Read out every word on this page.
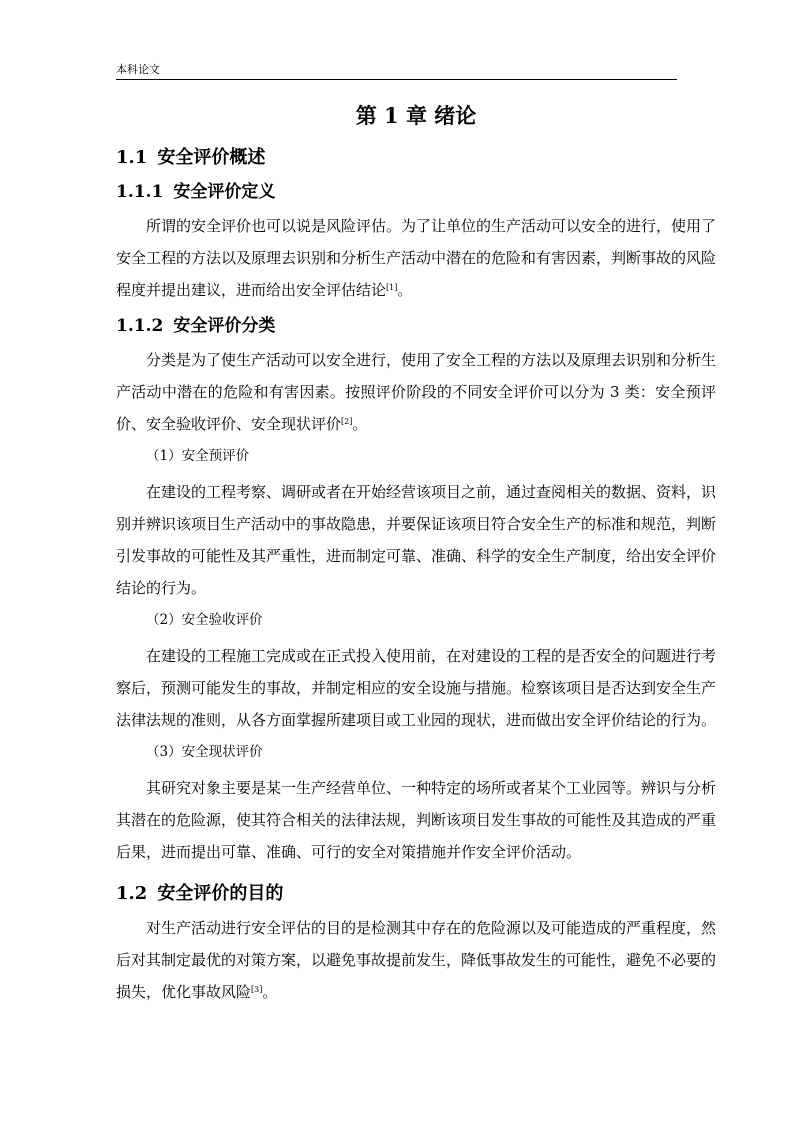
本科论文
第 1 章 绪论
1.1 安全评价概述
1.1.1 安全评价定义

所谓的安全评价也可以说是风险评估。为了让单位的生产活动可以安全的进行，使用了安全工程的方法以及原理去识别和分析生产活动中潜在的危险和有害因素，判断事故的风险程度并提出建议，进而给出安全评估结论[1]。

1.1.2 安全评价分类

分类是为了使生产活动可以安全进行，使用了安全工程的方法以及原理去识别和分析生产活动中潜在的危险和有害因素。按照评价阶段的不同安全评价可以分为 3 类：安全预评价、安全验收评价、安全现状评价[2]。

（1）安全预评价

在建设的工程考察、调研或者在开始经营该项目之前，通过查阅相关的数据、资料，识别并辨识该项目生产活动中的事故隐患，并要保证该项目符合安全生产的标准和规范，判断引发事故的可能性及其严重性，进而制定可靠、准确、科学的安全生产制度，给出安全评价结论的行为。

（2）安全验收评价

在建设的工程施工完成或在正式投入使用前，在对建设的工程的是否安全的问题进行考察后，预测可能发生的事故，并制定相应的安全设施与措施。检察该项目是否达到安全生产法律法规的准则，从各方面掌握所建项目或工业园的现状，进而做出安全评价结论的行为。

（3）安全现状评价

其研究对象主要是某一生产经营单位、一种特定的场所或者某个工业园等。辨识与分析其潜在的危险源，使其符合相关的法律法规，判断该项目发生事故的可能性及其造成的严重后果，进而提出可靠、准确、可行的安全对策措施并作安全评价活动。

1.2 安全评价的目的

对生产活动进行安全评估的目的是检测其中存在的危险源以及可能造成的严重程度，然后对其制定最优的对策方案，以避免事故提前发生，降低事故发生的可能性，避免不必要的损失，优化事故风险[3]。
